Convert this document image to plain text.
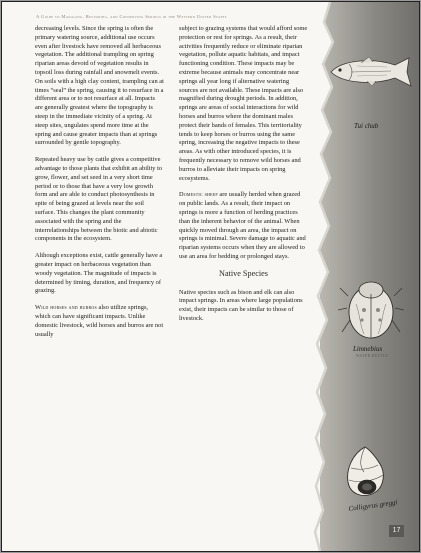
A Guide to Managing, Restoring, and Conserving Springs in the Western United States

decreasing levels. Since the spring is often the primary watering source, additional use occurs even after livestock have removed all herbaceous vegetation. The additional trampling on spring riparian areas devoid of vegetation results in topsoil loss during rainfall and snowmelt events. On soils with a high clay content, trampling can at times “seal” the spring, causing it to resurface in a different area or to not resurface at all. Impacts are generally greatest where the topography is steep in the immediate vicinity of a spring. At steep sites, ungulates spend more time at the spring and cause greater impacts than at springs surrounded by gentle topography.

Repeated heavy use by cattle gives a competitive advantage to those plants that exhibit an ability to grow, flower, and set seed in a very short time period or to those that have a very low growth form and are able to conduct photosynthesis in spite of being grazed at levels near the soil surface. This changes the plant community associated with the spring and the interrelationships between the biotic and abiotic components in the ecosystem.

Although exceptions exist, cattle generally have a greater impact on herbaceous vegetation than woody vegetation. The magnitude of impacts is determined by timing, duration, and frequency of grazing.

Wild horses and burros also utilize springs, which can have significant impacts. Unlike domestic livestock, wild horses and burros are not usually

subject to grazing systems that would afford some protection or rest for springs. As a result, their activities frequently reduce or eliminate riparian vegetation, pollute aquatic habitats, and impact functioning condition. These impacts may be extreme because animals may concentrate near springs all year long if alternative watering sources are not available. These impacts are also magnified during drought periods. In addition, springs are areas of social interactions for wild horses and burros where the dominant males protect their bands of females. This territoriality tends to keep horses or burros using the same spring, increasing the negative impacts to these areas. As with other introduced species, it is frequently necessary to remove wild horses and burros to alleviate their impacts on spring ecosystems.

Domestic sheep are usually herded when grazed on public lands. As a result, their impact on springs is more a function of herding practices than the inherent behavior of the animal. When quickly moved through an area, the impact on springs is minimal. Severe damage to aquatic and riparian systems occurs when they are allowed to use an area for bedding or prolonged stays.

Native Species

Native species such as bison and elk can also impact springs. In areas where large populations exist, their impacts can be similar to those of livestock.

Tui chub
Limnebius
WATER BEETLE
Colligyrus greggi
17
